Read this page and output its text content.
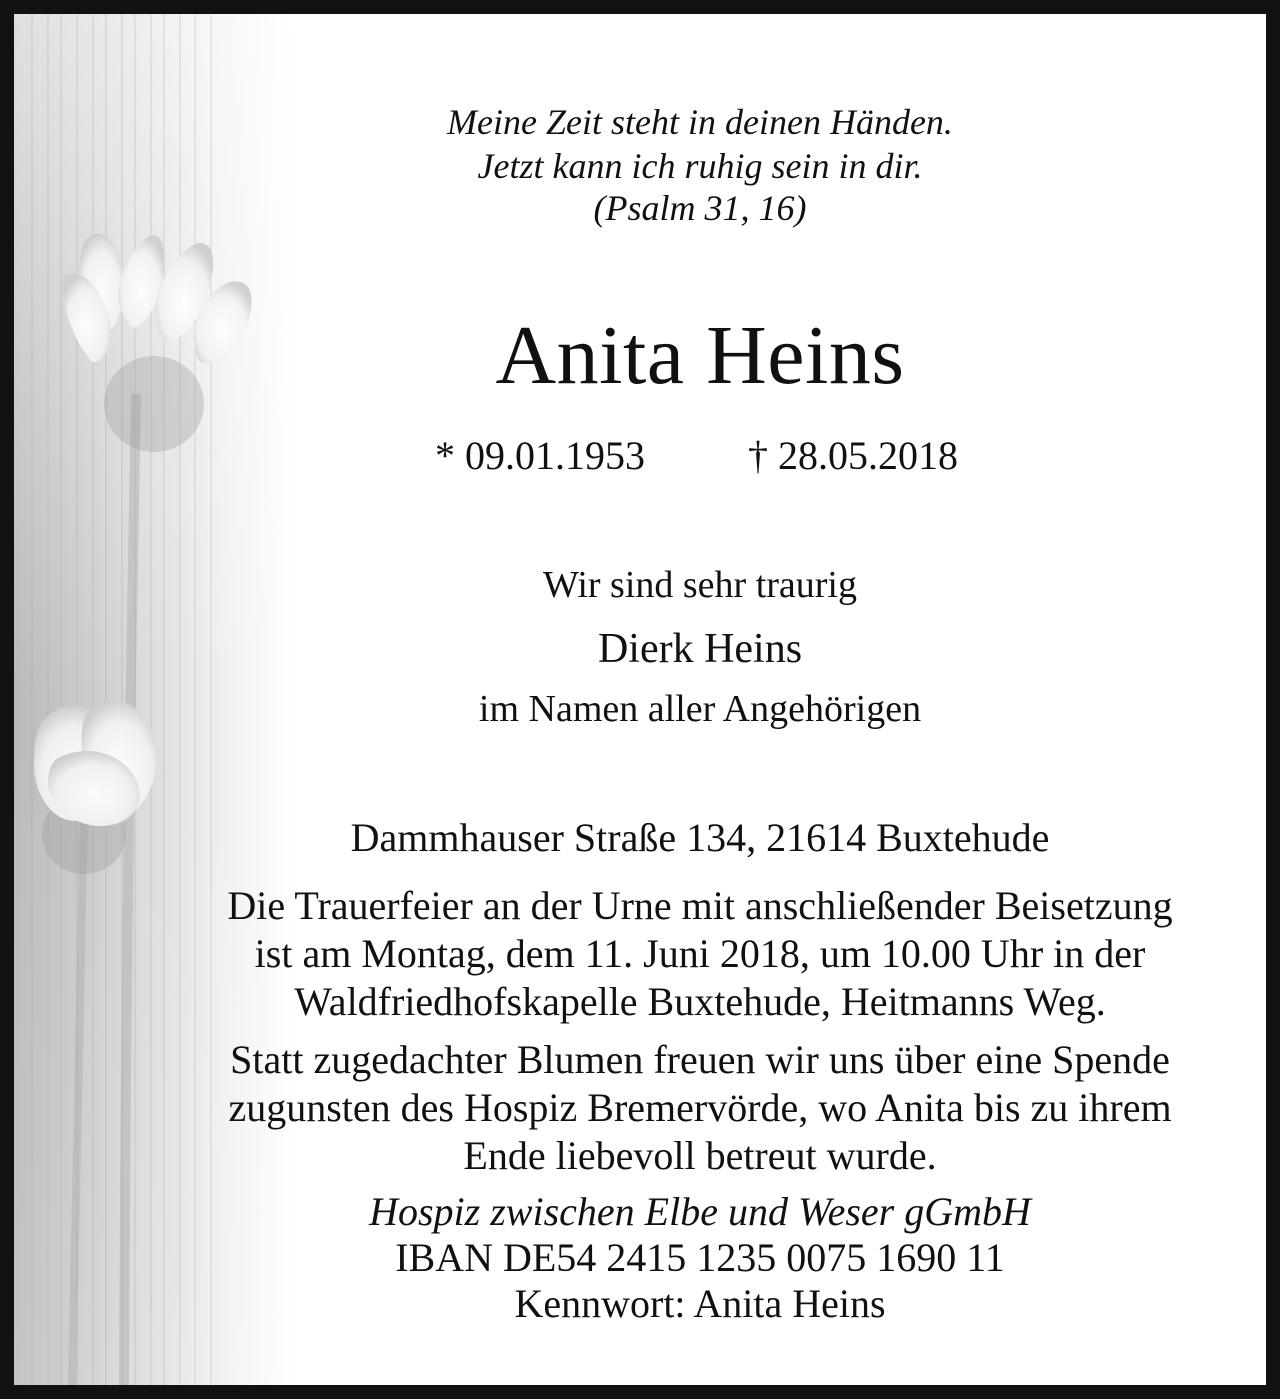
Meine Zeit steht in deinen Händen.
Jetzt kann ich ruhig sein in dir.
(Psalm 31, 16)
Anita Heins
* 09.01.1953	† 28.05.2018
Wir sind sehr traurig
Dierk Heins
im Namen aller Angehörigen
Dammhauser Straße 134, 21614 Buxtehude
Die Trauerfeier an der Urne mit anschließender Beisetzung
ist am Montag, dem 11. Juni 2018, um 10.00 Uhr in der
Waldfriedhofskapelle Buxtehude, Heitmanns Weg.
Statt zugedachter Blumen freuen wir uns über eine Spende
zugunsten des Hospiz Bremervörde, wo Anita bis zu ihrem
Ende liebevoll betreut wurde.
Hospiz zwischen Elbe und Weser gGmbH
IBAN DE54 2415 1235 0075 1690 11
Kennwort: Anita Heins
